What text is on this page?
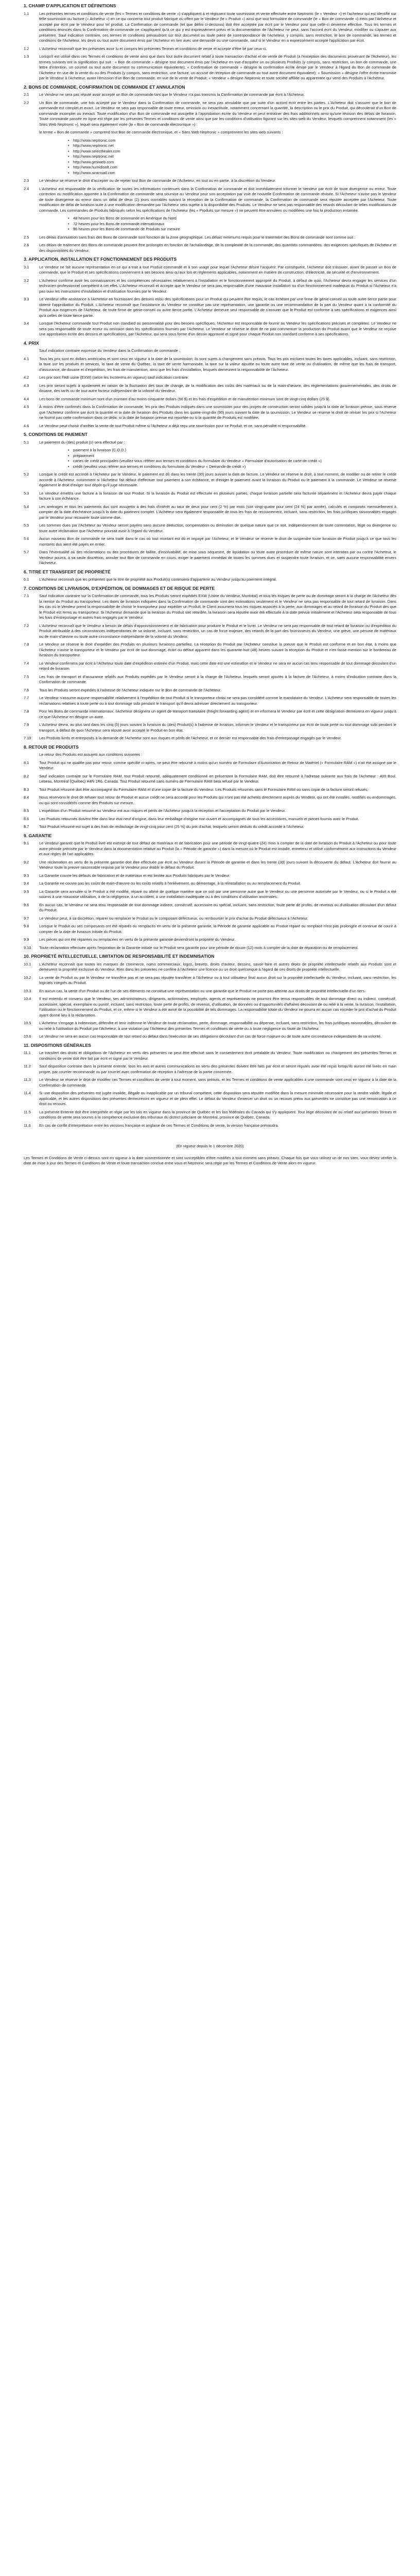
1. CHAMP D'APPLICATION ET DÉFINITIONS
1.1	Les présentes termes et conditions de vente (les « Termes et conditions de vente ») s'appliquent à et régissent toute soumission et vente effectuée entre Neptronic (le « Vendeur ») et l'acheteur qui est identifié sur telle soumission ou facture (« Acheteur ») en ce qui concerne tout produit fabriqué ou offert par le Vendeur (le « Produit ») ainsi que tout formulaire de commande (le « Bon de commande ») émis par l'Acheteur et accepté par écrit par le Vendeur pour tel produit. La Confirmation de commande (tel que défini ci-dessous) doit être acceptée par écrit par le Vendeur pour que celle-ci devienne effective. Tous les termes et conditions énoncés dans la Confirmation de commande ne s'appliquent qu'à ce qui y est expressément prévu et la documentation de l'Acheteur ne peut, sans l'accord écrit du Vendeur, modifier ou s'ajouter aux présentes. Sauf indication contraire, ces termes et conditions prévaudront sur tout document ou toute pièce de correspondance de l'Acheteur, y compris, sans restriction, le bon de commande, les termes et conditions de l'Acheteur, les devis ou tout autre document émis par l'Acheteur en lien avec une demande ou une commande, sauf si le Vendeur en a expressément accepté l'application par écrit.
1.2	L'Acheteur reconnaît que les présentes avoir lu et compris les présentes Termes et conditions de vente et accepte d'être lié par ceux-ci.
1.3	Lorsqu'il est utilisé dans ces Termes et conditions de vente ainsi que dans tout autre document relatif à toute transaction d'achat et de vente de Produit (à l'exception des documents provenant de l'Acheteur), les termes suivants ont la signification qui suit : « Bon de commande » désigne tout document émis par l'Acheteur en vue d'acquérir un ou plusieurs Produits (y compris, sans restriction, un bon de commande, une lettre d'intention, un courriel ou tout autre document ou communication équivalente); « Confirmation de commande » désigne la confirmation écrite émise par le Vendeur à l'égard du Bon de commande de l'Acheteur en vue de la vente du ou des Produits (y compris, sans restriction, une facture, un accusé de réception de commande ou tout autre document équivalent); « Soumission » désigne l'offre écrite transmise par le Vendeur à l'Acheteur, avant l'émission d'un Bon de commande, en vue de la vente de Produit; « Vendeur » désigne Neptronic et toute société affiliée ou apparentée qui vend des Produits à l'Acheteur.
2. BONS DE COMMANDE, CONFIRMATION DE COMMANDE ET ANNULATION
2.1	Le Vendeur ne sera pas réputé avoir accepté un Bon de commande tant que le Vendeur n'a pas transmis la Confirmation de commande par écrit à l'Acheteur.
2.2	Un Bon de commande, une fois accepté par le Vendeur dans la Confirmation de commande, ne sera pas annulable que par suite d'un accord écrit entre les parties. L'Acheteur doit s'assurer que le bon de commande est complet et exact. Le Vendeur ne sera pas responsable de toute erreur, omission ou inexactitude, notamment concernant la quantité, la description ou le prix du Produit, qui découlerait d'un Bon de commande incomplet ou inexact. Toute modification d'un Bon de commande est assujettie à l'approbation écrite du Vendeur et peut entraîner des frais additionnels ainsi qu'une révision des délais de livraison. Toute commande passée en ligne est régie par les présentes Termes et conditions de vente ainsi que par les conditions d'utilisation figurant sur les sites web du Vendeur, lesquels comprennent notamment (les « Sites Web Neptronic »), lequel sera également visée (le « Bon de commande électronique ») :
le terme « Bon de commande » comprend tout Bon de commande électronique, et « Sites Web Neptronic » comprennent les sites web suivants :
• http://www.neptronic.com
• http://www.neptronic.net
• http://www.selecthealer.com
• http://www.neptronic.net
• http://www.gesiweb.com
• http://www.humidisoft.com
• http://www.airactuall.com
2.3	Le Vendeur se réserve le droit d'accepter ou de rejeter tout Bon de commande de l'Acheteur, en tout ou en partie, à la discrétion du Vendeur.
2.4	L'Acheteur est responsable de la vérification de toutes les informations contenues dans la Confirmation de commande et doit immédiatement informer le Vendeur par écrit de toute divergence ou erreur. Toute correction ou modification apportée à la Confirmation de commande sera soumise au Vendeur pour son acceptation par voie de nouvelle Confirmation de commande révisée. Si l'Acheteur n'avise pas le Vendeur de toute divergence ou erreur dans un délai de deux (2) jours ouvrables suivant la réception de la Confirmation de commande, la Confirmation de commande sera réputée acceptée par l'Acheteur. Toute modification de délai de livraison suite à une modification demandée par l'Acheteur sera sujette à la disponibilité des Produits. Le Vendeur ne sera pas responsable des retards découlant de telles modifications de commande. Les commandes de Produits fabriqués selon les spécifications de l'Acheteur (les « Produits sur mesure ») ne peuvent être annulées ou modifiées une fois la production entamée.
• 48 heures pour les Bons de commande en Amérique du Nord
• 72 heures pour les Bons de commande internationaux
• 96 heures pour les Bons de commande de Produits sur mesure
2.5	Les délais d'annulation sans frais des Bons de commande sont fonction de la zone géographique. Les délais minimums requis pour le traitement des Bons de commande sont comme suit :
2.6	Les délais de traitement des Bons de commande peuvent être prolongés en fonction de l'achalandage, de la complexité de la commande, des quantités commandées, des exigences spécifiques de l'Acheteur et des disponibilités du Vendeur.
3. APPLICATION, INSTALLATION ET FONCTIONNEMENT DES PRODUITS
3.1	Le Vendeur ne fait aucune représentation en ce qui a trait à tout Produit commandé et à son usage pour lequel l'Acheteur désire l'acquérir. Par conséquent, l'Acheteur doit s'assurer, avant de passer un Bon de commande, que le Produit et ses spécifications conviennent à ses besoins ainsi qu'aux lois et règlements applicables, notamment en matière de construction, d'électricité, de sécurité et d'environnement.
3.2	L'Acheteur confirme avoir les connaissances et les compétences nécessaires relativement à l'installation et le fonctionnement approprié du Produit, à défaut de quoi, l'Acheteur devra engager les services d'un technicien professionnel compétent à cet effet. L'Acheteur reconnaît et accepte que le Vendeur ne sera pas responsable d'une mauvaise installation ou d'un fonctionnement inadéquat du Produit si l'Acheteur n'a pas suivi les instructions d'installation et d'utilisation fournies par le Vendeur.
3.3	Le Vendeur offre assistance à l'Acheteur en fournissant des dessins et/ou des spécifications pour un Produit qui peuvent être requis, le cas échéant par une firme de génie-conseil ou toute autre tierce partie pour obtenir l'approbation du Produit. L'Acheteur reconnaît que l'assistance du Vendeur ne constitue pas une représentation, une garantie ou une recommandation de la part du Vendeur quant à la conformité du Produit aux exigences de l'Acheteur, de toute firme de génie-conseil ou autre tierce partie. L'Acheteur demeure seul responsable de s'assurer que le Produit est conforme à ses spécifications et exigences ainsi qu'à celles de toute tierce partie.
3.4	Lorsque l'Acheteur commande tout Produit non standard ou personnalisé pour des besoins spécifiques, l'Acheteur est responsable de fournir au Vendeur les spécifications précises et complètes. Le Vendeur ne sera pas responsable de toute erreur ou omission dans les spécifications fournies par l'Acheteur. Le Vendeur se réserve le droit de ne pas commencer la production du Produit avant que le Vendeur ne reçoive une approbation écrite des dessins et spécifications, par l'Acheteur, qui sera sous forme d'un dessin approuvé et signé pour chaque Produit non standard conforme à ses spécifications.
4. PRIX
Sauf indication contraire expresse du Vendeur dans la Confirmation de commande :
4.1	Tous les prix sont en dollars américains et sont ceux en vigueur à la date de la soumission; ils sont sujets à changement sans préavis. Tous les prix excluent toutes les taxes applicables, incluant, sans restriction, la taxe sur les produits et services, la taxe de vente du Québec, la taxe de vente harmonisée, la taxe sur la valeur ajoutée ou toute autre taxe de vente ou d'utilisation, de même que les frais de transport, d'assurance, de douane et d'expédition, les frais de manutention, ainsi que les frais d'installation, lesquels demeurent la responsabilité de l'Acheteur.
4.2	Les prix sont FAB usine (EXW) (selon les Incoterms en vigueur) sauf indication contraire.
4.3	Les prix seront sujets à ajustement en raison de la fluctuation des taux de change, de la modification des coûts des matériaux ou de la main-d'œuvre, des réglementations gouvernementales, des droits de douane, des tarifs ou de tout autre facteur indépendant de la volonté du Vendeur.
4.4	Les bons de commande minimum sont d'un montant d'au moins cinquante dollars (50 $) et les frais d'expédition et de manutention minimum sont de vingt-cinq dollars (25 $).
4.5	À moins d'être confirmés dans la Confirmation de commande, les prix des Produits indiqués dans une soumission pour des projets de construction seront valides jusqu'à la date de livraison prévue, sous réserve que l'Acheteur confirme par écrit la quantité et la date de livraison des Produits dans les quatre-vingt-dix (90) jours suivant la date de la soumission. Le Vendeur se réserve le droit de réviser les prix si l'Acheteur ne fournit pas cette confirmation dans ce délai, si la date de livraison prévue est reportée ou si la quantité de Produits est modifiée.
4.6	Le Vendeur peut choisir d'arrêter la vente de tout Produit même si l'Acheteur a déjà reçu une soumission pour ce Produit, et ce, sans pénalité ni responsabilité.
5. CONDITIONS DE PAIEMENT
5.1	Le paiement du (des) produit (s) sera effectué par :
• paiement à la livraison (C.O.D.)
• prépaiement
• cartes de crédit principales (veuillez vous référer aux termes et conditions du formulaire du Vendeur « Formulaire d'autorisation de carte de crédit »)
• crédit (veuillez vous référer aux termes et conditions du formulaire du Vendeur « Demande de crédit »)
5.2	Lorsque le crédit est accordé à l'Acheteur par le Vendeur, le paiement est dû dans les trente (30) jours suivant la date de facture. Le Vendeur se réserve le droit, à tout moment, de modifier ou de retirer le crédit accordé à l'Acheteur, notamment si l'Acheteur fait défaut d'effectuer tout paiement à son échéance, et d'exiger le paiement avant la livraison du Produit ou le paiement à la commande. Le Vendeur se réserve également le droit d'exiger tout dépôt qu'il juge nécessaire.
5.3	Le Vendeur émettra une facture à la livraison de tout Produit. Si la livraison du Produit est effectuée en plusieurs parties, chaque livraison partielle sera facturée séparément et l'Acheteur devra payer chaque facture à son échéance.
5.4	Les arrérages et tous les paiements dus sont assujettis à des frais d'intérêt au taux de deux pour cent (2 %) par mois (soit vingt-quatre pour cent (24 %) par année), calculés et composés mensuellement à compter de la date d'échéance jusqu'à la date du paiement complet. L'Acheteur sera également responsable de tous les frais de recouvrement, incluant, sans restriction, les frais juridiques raisonnables engagés par le Vendeur pour recouvrer toute somme due.
5.5	Les sommes dues par l'Acheteur au Vendeur seront payées sans aucune déduction, compensation ou diminution de quelque nature que ce soit, indépendamment de toute contestation, litige ou divergence ou toute autre réclamation que l'Acheteur pourrait avoir à l'égard du Vendeur.
5.6	Aucun nouveau Bon de commande ne sera traité dans le cas où tout montant est dû et impayé par l'Acheteur, et le Vendeur se réserve le droit de suspendre toute livraison de Produit jusqu'à ce que tous les montants dus aient été payés en entier.
5.7	Dans l'éventualité où des réclamations ou des procédures de faillite, d'insolvabilité, de mise sous séquestre, de liquidation ou toute autre procédure de même nature sont intentées par ou contre l'Acheteur, le Vendeur pourra, à sa seule discrétion, annuler tout Bon de commande en cours, exiger le paiement immédiat de toutes les sommes dues et suspendre toute livraison, et ce, sans aucune responsabilité envers l'Acheteur.
6. TITRE ET TRANSFERT DE PROPRIÉTÉ
6.1	L'Acheteur reconnaît que les présentes que le titre de propriété aux Produit(s) continuera d'appartenir au Vendeur jusqu'au paiement intégral.
7. CONDITIONS DE LIVRAISON, D'EXPÉDITION, DE DOMMAGES ET DE RISQUE DE PERTE
7.1	Sauf indication contraire sur la Confirmation de commande, tous les Produits seront expédiés EXW (Usine du Vendeur, Montréal) et tous les risques de perte ou de dommage seront à la charge de l'Acheteur dès la remise du Produit au transporteur. Les dates de livraison indiquées dans la Confirmation de commande sont des estimations seulement et le Vendeur ne sera pas responsable de tout retard de livraison. Dans les cas où le Vendeur prend la responsabilité de choisir le transporteur pour expédier un Produit, le Client assumera tous les risques associés à la perte, aux dommages et au retard de livraison du Produit dès que le Produit est remis au transporteur. Si l'Acheteur demande que la livraison du Produit soit retardée, la livraison sera réputée avoir été effectuée à la date prévue initialement et l'Acheteur sera responsable de tous les frais d'entreposage et autres frais engagés par le Vendeur.
7.2	L'Acheteur reconnaît que le Vendeur a besoin de délais d'approvisionnement et de fabrication pour produire le Produit et le livrer. Le Vendeur ne sera pas responsable de tout retard de livraison ou d'expédition du Produit attribuable à des circonstances indépendantes de sa volonté, incluant, sans restriction, un cas de force majeure, des retards de la part des fournisseurs du Vendeur, une grève, une pénurie de matériaux ou de main-d'œuvre ou toute autre circonstance indépendante de la volonté du Vendeur.
7.3	Le Vendeur se réserve le droit d'expédier des Produits en plusieurs livraisons partielles. La réception du Produit par l'Acheteur constitue la preuve que le Produit est conforme et en bon état, à moins que l'Acheteur n'avise le transporteur et le Vendeur par écrit de tout dommage, écart ou défaut apparent dans les quarante-huit (48) heures suivant la réception du Produit et n'en fasse mention sur le bordereau de livraison du transporteur.
7.4	Le Vendeur confirmera par écrit à l'Acheteur toute date d'expédition estimée d'un Produit, mais cette date est une estimation et le Vendeur ne sera en aucun cas tenu responsable de tout dommage découlant d'un retard de livraison.
7.5	Les frais de transport et d'assurance relatifs aux Produits expédiés par le Vendeur seront à la charge de l'Acheteur, lesquels seront ajoutés à la facture de l'Acheteur, à moins d'indication contraire dans la Confirmation de commande.
7.6	Tous les Produits seront expédiés à l'adresse de l'Acheteur indiquée sur le Bon de commande de l'Acheteur.
7.7	Le Vendeur n'assume aucune responsabilité relativement à l'expédition de tout Produit si le transporteur choisi ne sera pas considéré comme le mandataire du Vendeur. L'Acheteur sera responsable de toutes les réclamations relatives à toute perte ou à tout dommage subi pendant le transport qu'il devra adresser directement au transporteur.
7.8	Pour les Bons de commande internationaux, l'Acheteur désignera un agent de transport transitaire (freight forwarding agent) et en informera le Vendeur par écrit et cette désignation demeurera en vigueur jusqu'à ce que l'Acheteur en désigne un autre.
7.9	L'Acheteur devra, au plus tard dans les cinq (5) jours suivant la livraison du (des) Produit(s) à l'adresse de livraison, informer le Vendeur et le transporteur par écrit de toute perte ou tout dommage subi pendant le transport, à défaut de quoi l'Acheteur sera réputé avoir accepté le Produit en bon état.
7.10	Les Produits livrés et entreposés à la demande de l'Acheteur sont aux risques et périls de l'Acheteur, et ce dernier est responsable des frais d'entreposage engagés par le Vendeur.
8. RETOUR DE PRODUITS
Le retour des Produits est assujetti aux conditions suivantes :
8.1	Tout Produit qui ne qualifie pas pour retour, comme spécifié ci-après, ne peut être retourné à moins qu'un numéro de Formulaire d'Autorisation de Retour de Matériel (« Formulaire RAM ») n'ait été assigné par le Vendeur.
8.2	Sauf indication contraire sur le Formulaire RAM, tout Produit retourné, adéquatement conditionné en présentant la Formulaire RAM, doit être retourné à l'adresse suivante aux frais de l'Acheteur : 400 Boul. Lebeau, Montréal (Québec) H4N 1R6, Canada. Tout Produit retourné sans numéro de Formulaire RAM sera refusé par le Vendeur.
8.3	Tout Produit retourné doit être accompagné du Formulaire RAM et d'une copie de la facture du Vendeur. Les Produits retournés sans le Formulaire RAM ou sans copie de la facture seront refusés.
8.4	Nous réservons le droit de refuser tout retour de Produit et aucun crédit ne sera accordé pour les Produits qui n'ont pas été achetés directement auprès du Vendeur, qui ont été installés, modifiés ou endommagés, ou qui sont considérés comme des Produits sur mesure.
8.5	L'expédition d'un Produit retourné au Vendeur est aux risques et périls de l'Acheteur jusqu'à la réception et l'acceptation du Produit par le Vendeur.
8.6	Les Produits retournés doivent être dans leur état neuf d'origine, dans leur emballage d'origine non ouvert et accompagnés de tous les accessoires, manuels et pièces fournis avec le Produit.
8.7	Tout Produit retourné est sujet à des frais de restockage de vingt-cinq pour cent (25 %) du prix d'achat, lesquels seront déduits du crédit accordé à l'Acheteur.
9. GARANTIE
9.1	Le Vendeur garantit que le Produit livré est exempt de tout défaut de matériaux et de fabrication pour une période de vingt-quatre (24) mois à compter de la date de livraison du Produit à l'Acheteur ou pour toute autre période précisée par le Vendeur dans la documentation relative au Produit (la « Période de garantie ») dans la mesure où le Produit est installé, entretenu et utilisé conformément aux instructions du Vendeur et aux règles de l'art applicables.
9.2	Une réclamation en vertu de la présente garantie doit être effectuée par écrit au Vendeur durant la Période de garantie et dans les trente (30) jours suivant la découverte du défaut. L'Acheteur doit fournir au Vendeur toute la preuve raisonnable requise par le Vendeur pour établir le défaut du Produit.
9.3	La Garantie couvre les défauts de fabrication et de matériaux et est limitée aux Produits fabriqués par le Vendeur.
9.4	La Garantie ne couvre pas les coûts de main-d'œuvre ou les coûts relatifs à l'enlèvement, au démontage, à la réinstallation ou au remplacement du Produit.
9.5	La Garantie sera annulée si le Produit a été modifié, réparé ou altéré de quelque manière que ce soit par une personne autre que le Vendeur ou une personne autorisée par le Vendeur, ou si le Produit a été soumis à une mauvaise utilisation, à de la négligence, à un accident, à une installation inadéquate ou à des conditions d'utilisation anormales.
9.6	En aucun cas, le Vendeur ne sera tenu responsable de tout dommage indirect, consécutif, accessoire ou spécial, incluant, sans restriction, toute perte de profits, de revenus ou d'utilisation découlant d'un défaut du Produit.
9.7	Le Vendeur peut, à sa discrétion, réparer ou remplacer le Produit ou le composant défectueux, ou rembourser le prix d'achat du Produit défectueux à l'Acheteur.
9.8	Lorsque le Produit ou ses composants ont été réparés ou remplacés en vertu de la présente garantie, la Période de garantie applicable au Produit réparé ou remplacé n'est pas prolongée et continue de courir à compter de la date de livraison initiale du Produit.
9.9	Les pièces qui ont été réparées ou remplacées en vertu de la présente garantie deviendront la propriété du Vendeur.
9.10	Toute réclamation effectuée après l'expiration de la Garantie initiale sur le Produit sera garantie pour une période de douze (12) mois à compter de la date de réparation ou de remplacement.
10. PROPRIÉTÉ INTELLECTUELLE, LIMITATION DE RESPONSABILITÉ ET INDEMNISATION
10.1	L'Acheteur reconnaît que toutes les marques de commerce, noms commerciaux, logos, brevets, droits d'auteur, dessins, savoir-faire et autres droits de propriété intellectuelle relatifs aux Produits sont et demeurent la propriété exclusive du Vendeur. Rien dans les présentes ne confère à l'Acheteur une licence ou un droit quelconque à l'égard de ces droits de propriété intellectuelle.
10.2	La vente de Produit ou par le Vendeur ne transfère pas et ne sera pas réputée transférer à l'Acheteur ou à tout utilisateur final aucun droit sur la propriété intellectuelle du Vendeur, incluant, sans restriction, les logiciels intégrés au Produit.
10.3	En aucun cas, la vente d'un Produit ou de l'un de ses éléments ne constitue une représentation ou une garantie que le Produit ne porte pas atteinte aux droits de propriété intellectuelle d'un tiers.
10.4	Il est entendu et convenu que le Vendeur, ses administrateurs, dirigeants, actionnaires, employés, agents et représentants ne pourront être tenus responsables de tout dommage direct ou indirect, consécutif, accessoire, spécial, exemplaire ou punitif, incluant, sans restriction, toute perte de profits, de revenus, d'utilisation, de données ou d'opportunités d'affaires découlant de ou relié à la vente, la livraison, l'installation, l'utilisation ou le fonctionnement du Produit, et ce, même si le Vendeur a été avisé de la possibilité de tels dommages. La responsabilité totale du Vendeur ne pourra en aucun cas excéder le prix d'achat du Produit ayant donné lieu à la réclamation.
10.5	L'Acheteur s'engage à indemniser, défendre et tenir indemne le Vendeur de toute réclamation, perte, dommage, responsabilité ou dépense, incluant, sans restriction, les frais juridiques raisonnables, découlant de ou relié à l'utilisation du Produit par l'Acheteur, à une violation par l'Acheteur des présentes Termes et conditions de vente ou à toute négligence ou faute de l'Acheteur.
10.6	Le Vendeur ne sera en aucun cas responsable de tout retard ou défaut dans l'exécution de ses obligations découlant d'un cas de force majeure ou de toute autre circonstance indépendante de sa volonté.
11. DISPOSITIONS GÉNÉRALES
11.1	Le transfert des droits et obligations de l'Acheteur en vertu des présentes ne peut être effectué sans le consentement écrit préalable du Vendeur. Toute modification ou changement des présentes Termes et conditions de vente doit être fait par écrit et signé par le Vendeur.
11.2	Sauf disposition contraire dans la présente entente, tous les avis et autres communications en vertu des présentes doivent être faits par écrit et seront réputés avoir été reçus lorsqu'ils auront été livrés en main propre, par courrier recommandé ou par courriel avec confirmation de réception à l'adresse de la partie concernée.
11.3	Le Vendeur se réserve le droit de modifier ces Termes et conditions de vente à tout moment, sans préavis, et les Termes et conditions de vente applicables à une commande sont ceux en vigueur à la date de la Confirmation de commande.
11.4	Si une disposition des présentes est jugée invalide, illégale ou inapplicable par un tribunal compétent, cette disposition sera réputée modifiée dans la mesure minimale nécessaire pour la rendre valide, légale et applicable, et les autres dispositions des présentes demeureront en vigueur et de plein effet. Le défaut du Vendeur d'exercer un droit ou un recours prévu aux présentes ne constitue pas une renonciation à ce droit ou recours.
11.5	La présente Entente doit être interprétée et régie par les lois en vigueur dans la province de Québec et les lois fédérales du Canada qui s'y appliquent. Tout litige découlant de ou relatif aux présentes Termes et conditions de vente sera soumis à la compétence exclusive des tribunaux du district judiciaire de Montréal, province de Québec, Canada.
11.6	En cas de conflit d'interprétation entre les versions française et anglaise de ces Termes et Conditions de vente, la version française prévaudra.
(En vigueur depuis le 1 décembre 2020)
Les Termes et Conditions de Vente ci-dessus sont en vigueur à la date susmentionnée et sont susceptibles d'être modifiés à tout moment sans préavis. Chaque fois que vous utilisez un de nos sites, vous devez vérifier la date de mise à jour des Termes et Conditions de Vente et toute transaction conclue entre vous et Neptronic sera régie par les Termes et Conditions de Vente alors en vigueur.
